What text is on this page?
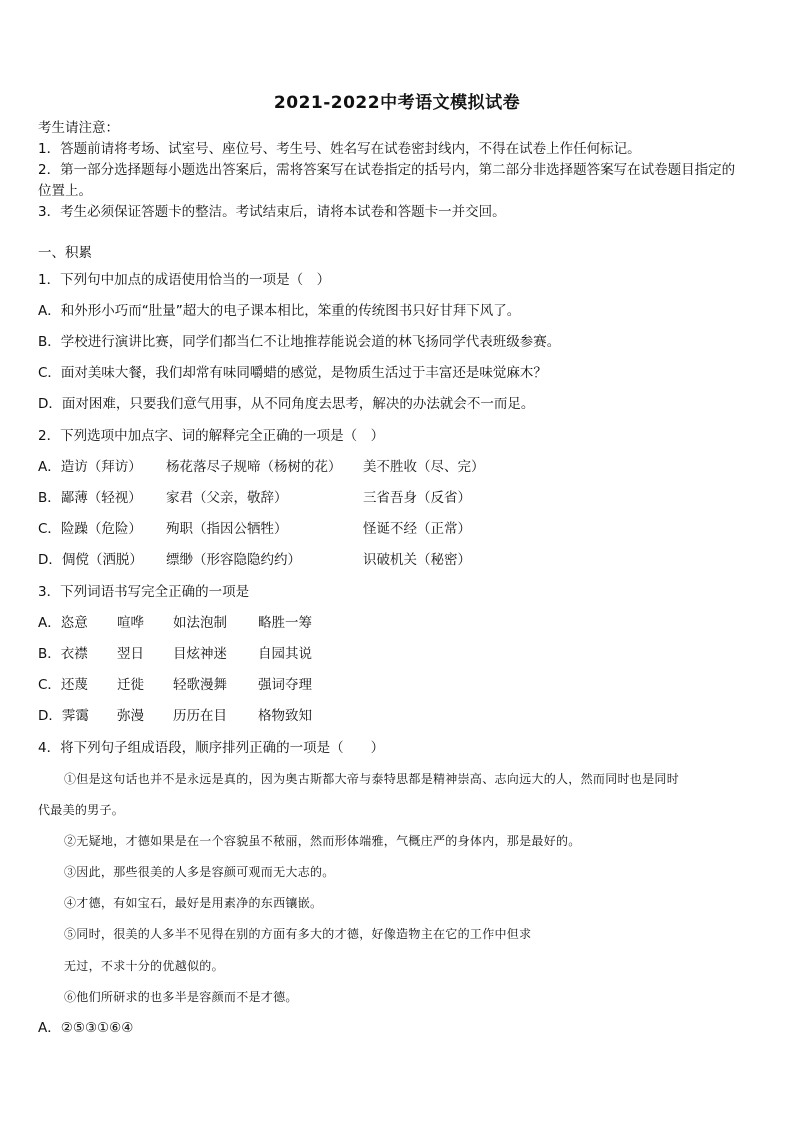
2021-2022中考语文模拟试卷
考生请注意：
1．答题前请将考场、试室号、座位号、考生号、姓名写在试卷密封线内，不得在试卷上作任何标记。
2．第一部分选择题每小题选出答案后，需将答案写在试卷指定的括号内，第二部分非选择题答案写在试卷题目指定的
位置上。
3．考生必须保证答题卡的整洁。考试结束后，请将本试卷和答题卡一并交回。
一、积累
1．下列句中加点的成语使用恰当的一项是（　）
A．和外形小巧而“肚量”超大的电子课本相比，笨重的传统图书只好甘拜下风了。
B．学校进行演讲比赛，同学们都当仁不让地推荐能说会道的林飞扬同学代表班级参赛。
C．面对美味大餐，我们却常有味同嚼蜡的感觉，是物质生活过于丰富还是味觉麻木？
D．面对困难，只要我们意气用事，从不同角度去思考，解决的办法就会不一而足。
2．下列选项中加点字、词的解释完全正确的一项是（　）
A．造访（拜访） 杨花落尽子规啼（杨树的花） 美不胜收（尽、完）
B．鄙薄（轻视） 家君（父亲，敬辞）	三省吾身（反省）
C．险躁（危险） 殉职（指因公牺牲）	怪诞不经（正常）
D．倜傥（洒脱） 缥缈（形容隐隐约约）	识破机关（秘密）
3．下列词语书写完全正确的一项是
A．恣意 喧哗 如法泡制 略胜一筹
B．衣襟 翌日 目炫神迷 自园其说
C．还蔑 迁徙 轻歌漫舞 强词夺理
D．霁霭 弥漫 历历在目 格物致知
4．将下列句子组成语段，顺序排列正确的一项是（　　）
①但是这句话也并不是永远是真的，因为奥古斯都大帝与泰特思都是精神崇高、志向远大的人，然而同时也是同时
代最美的男子。
②无疑地，才德如果是在一个容貌虽不秾丽，然而形体端雅，气概庄严的身体内，那是最好的。
③因此，那些很美的人多是容颜可观而无大志的。
④才德，有如宝石，最好是用素净的东西镶嵌。
⑤同时，很美的人多半不见得在别的方面有多大的才德，好像造物主在它的工作中但求
无过，不求十分的优越似的。
⑥他们所研求的也多半是容颜而不是才德。
A．②⑤③①⑥④
